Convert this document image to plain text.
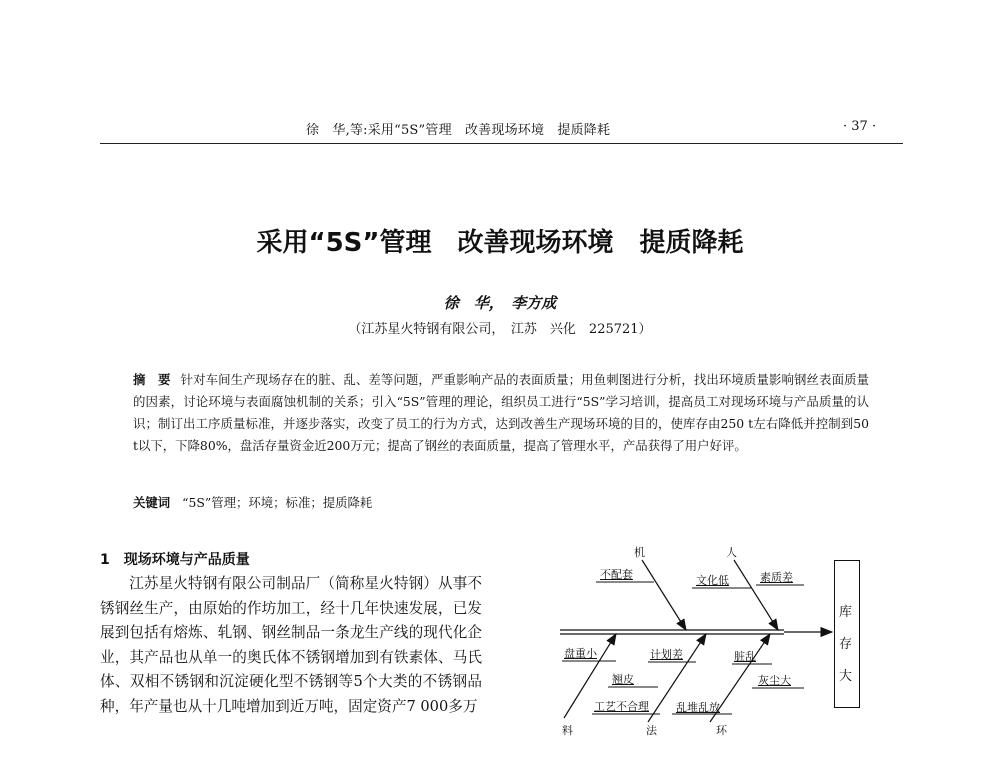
徐　华,等:采用“5S”管理　改善现场环境　提质降耗	· 37 ·
采用“5S”管理　改善现场环境　提质降耗
徐　华，　李方成
（江苏星火特钢有限公司，　江苏　兴化　225721）
摘　要 针对车间生产现场存在的脏、乱、差等问题，严重影响产品的表面质量；用鱼刺图进行分析，找出环境质量影响钢丝表面质量的因素，讨论环境与表面腐蚀机制的关系；引入“5S”管理的理论，组织员工进行“5S”学习培训，提高员工对现场环境与产品质量的认识；制订出工序质量标准，并逐步落实，改变了员工的行为方式，达到改善生产现场环境的目的，使库存由250 t左右降低并控制到50 t以下，下降80%，盘活存量资金近200万元；提高了钢丝的表面质量，提高了管理水平，产品获得了用户好评。
关键词 “5S”管理；环境；标准；提质降耗
1　现场环境与产品质量

江苏星火特钢有限公司制品厂（简称星火特钢）从事不锈钢丝生产，由原始的作坊加工，经十几年快速发展，已发展到包括有熔炼、轧钢、钢丝制品一条龙生产线的现代化企业，其产品也从单一的奥氏体不锈钢增加到有铁素体、马氏体、双相不锈钢和沉淀硬化型不锈钢等5个大类的不锈钢品种，年产量也从十几吨增加到近万吨，固定资产7 000多万

机	人
不配套	文化低	素质差
盘重小	计划差	脏乱
翘皮	灰尘大
工艺不合理 乱堆乱放
料	法	环
库
存
大
